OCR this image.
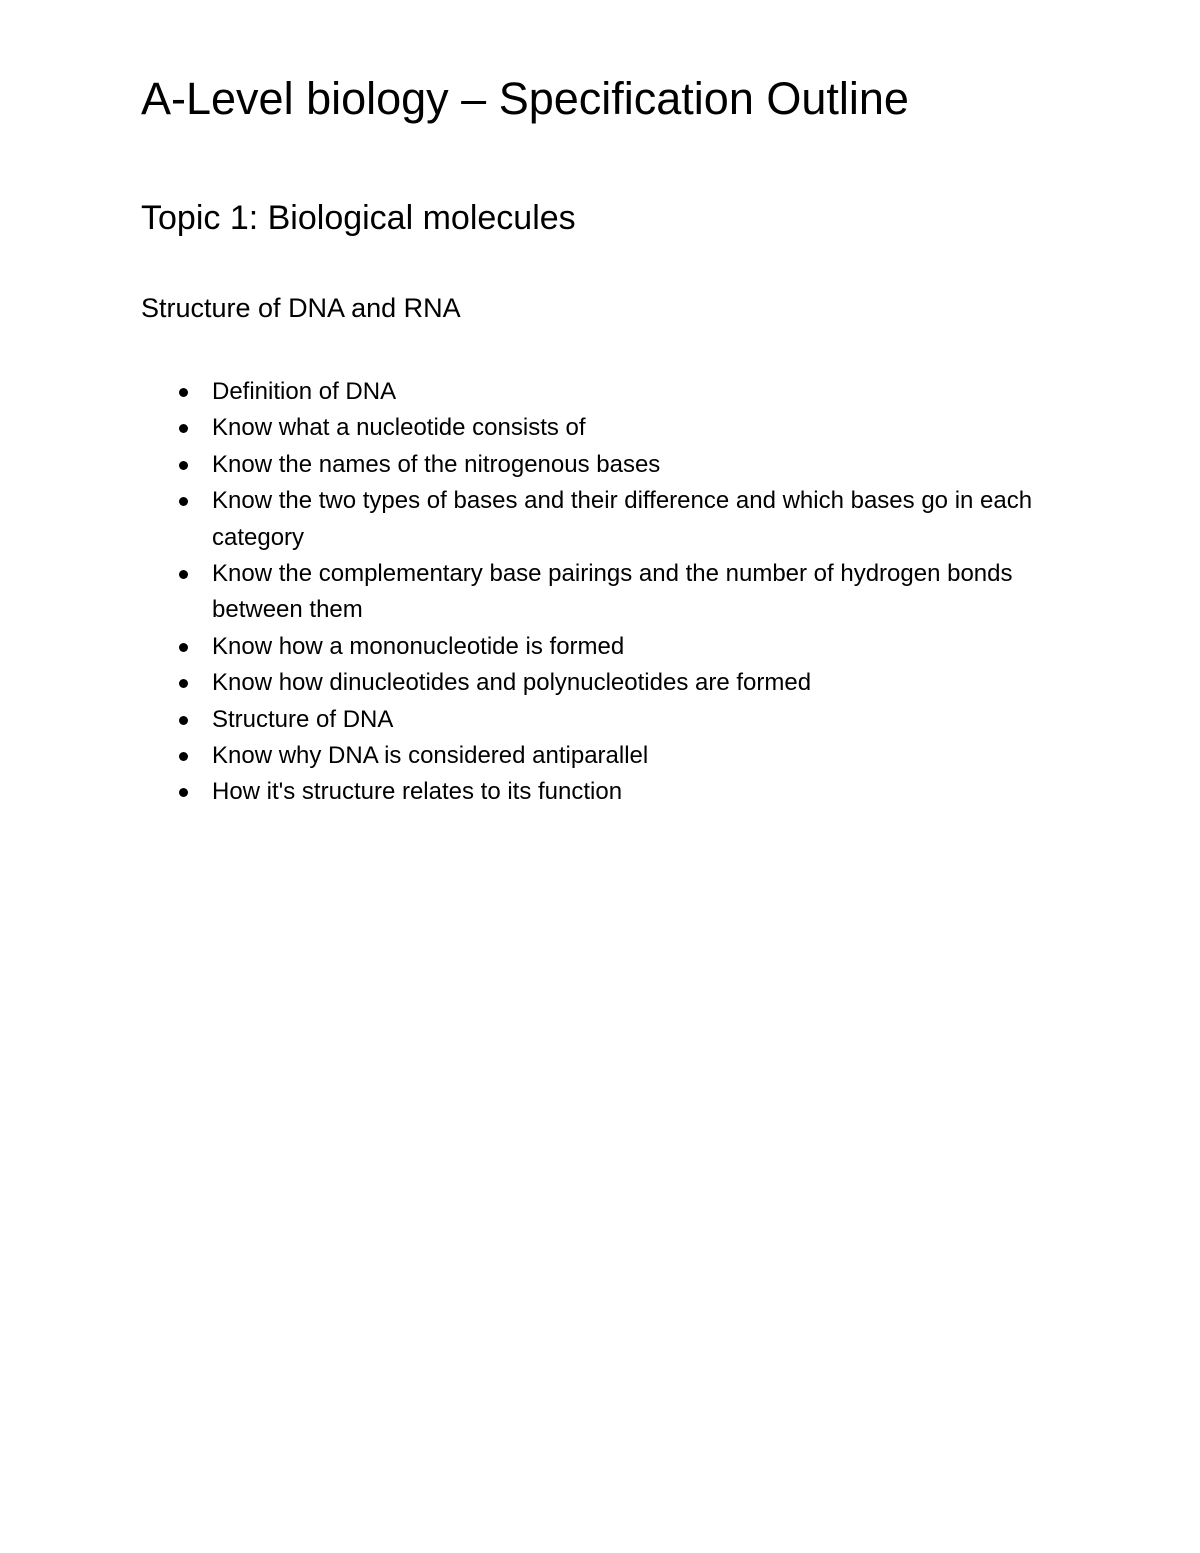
A-Level biology – Specification Outline
Topic 1: Biological molecules
Structure of DNA and RNA
Definition of DNA
Know what a nucleotide consists of
Know the names of the nitrogenous bases
Know the two types of bases and their difference and which bases go in each category
Know the complementary base pairings and the number of hydrogen bonds between them
Know how a mononucleotide is formed
Know how dinucleotides and polynucleotides are formed
Structure of DNA
Know why DNA is considered antiparallel
How it's structure relates to its function
